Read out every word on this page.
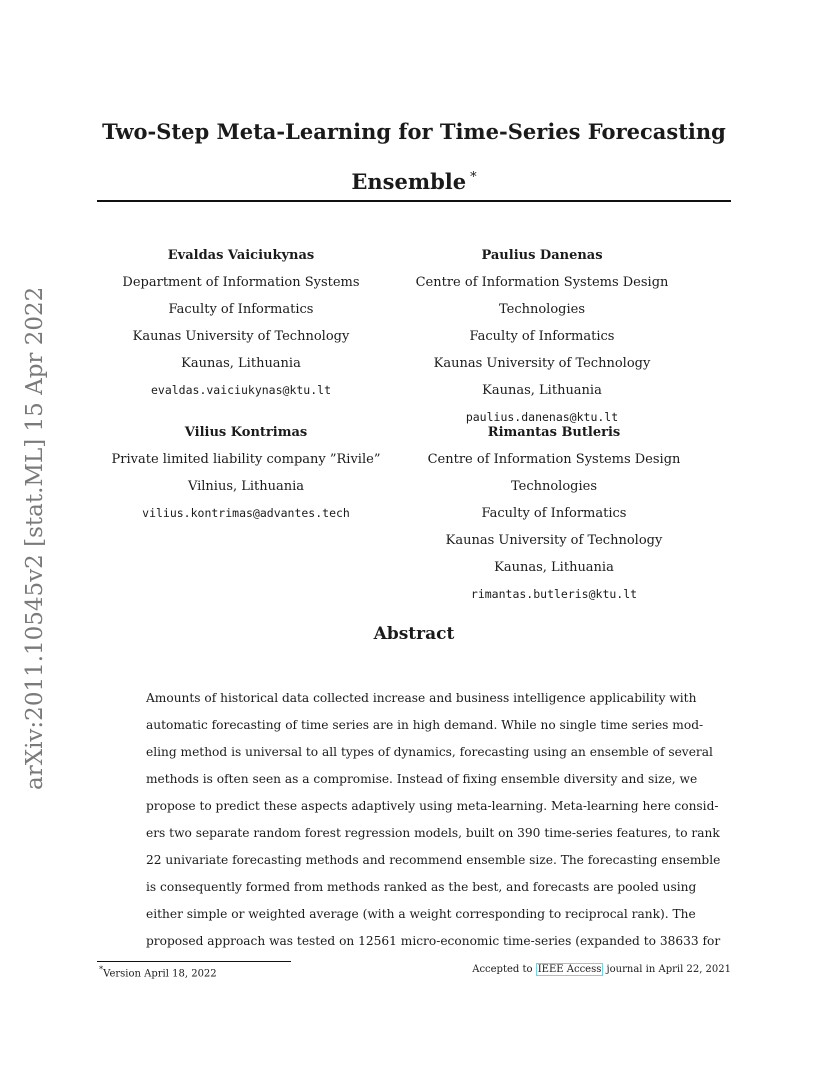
arXiv:2011.10545v2 [stat.ML] 15 Apr 2022
Two-Step Meta-Learning for Time-Series Forecasting
Ensemble *
Evaldas Vaiciukynas
Department of Information Systems
Faculty of Informatics
Kaunas University of Technology
Kaunas, Lithuania
evaldas.vaiciukynas@ktu.lt
Paulius Danenas
Centre of Information Systems Design Technologies
Faculty of Informatics
Kaunas University of Technology
Kaunas, Lithuania
paulius.danenas@ktu.lt
Vilius Kontrimas
Private limited liability company ”Rivile”
Vilnius, Lithuania
vilius.kontrimas@advantes.tech
Rimantas Butleris
Centre of Information Systems Design Technologies
Faculty of Informatics
Kaunas University of Technology
Kaunas, Lithuania
rimantas.butleris@ktu.lt
Abstract
Amounts of historical data collected increase and business intelligence applicability with
automatic forecasting of time series are in high demand. While no single time series mod-
eling method is universal to all types of dynamics, forecasting using an ensemble of several
methods is often seen as a compromise. Instead of fixing ensemble diversity and size, we
propose to predict these aspects adaptively using meta-learning. Meta-learning here consid-
ers two separate random forest regression models, built on 390 time-series features, to rank
22 univariate forecasting methods and recommend ensemble size. The forecasting ensemble
is consequently formed from methods ranked as the best, and forecasts are pooled using
either simple or weighted average (with a weight corresponding to reciprocal rank). The
proposed approach was tested on 12561 micro-economic time-series (expanded to 38633 for
*Version April 18, 2022	Accepted to IEEE Access journal in April 22, 2021
